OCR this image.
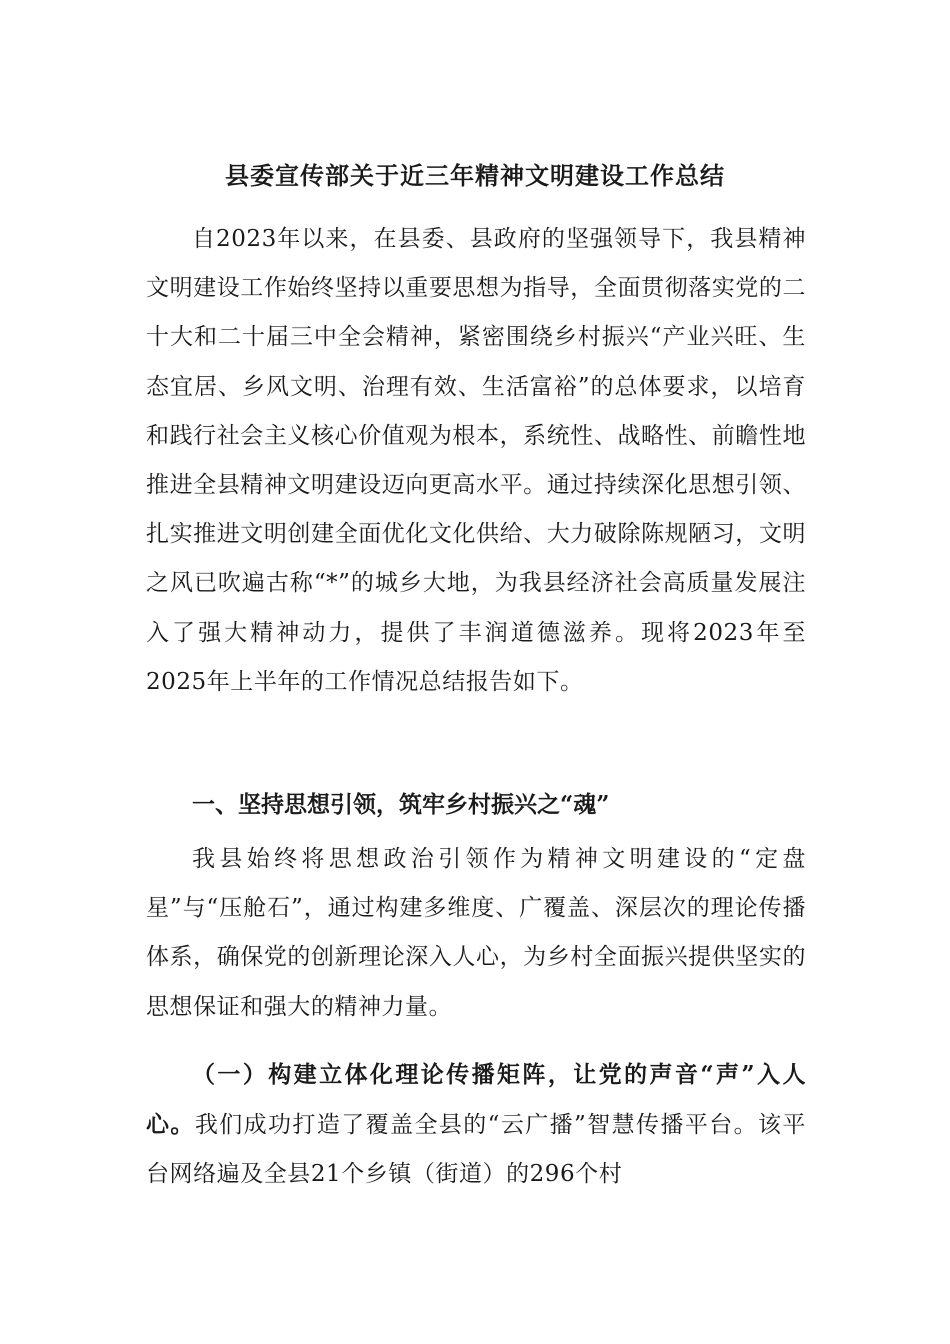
县委宣传部关于近三年精神文明建设工作总结

自2023年以来，在县委、县政府的坚强领导下，我县精神文明建设工作始终坚持以重要思想为指导，全面贯彻落实党的二十大和二十届三中全会精神，紧密围绕乡村振兴“产业兴旺、生态宜居、乡风文明、治理有效、生活富裕”的总体要求，以培育和践行社会主义核心价值观为根本，系统性、战略性、前瞻性地推进全县精神文明建设迈向更高水平。通过持续深化思想引领、扎实推进文明创建全面优化文化供给、大力破除陈规陋习，文明之风已吹遍古称“*”的城乡大地，为我县经济社会高质量发展注入了强大精神动力，提供了丰润道德滋养。现将2023年至2025年上半年的工作情况总结报告如下。

一、坚持思想引领，筑牢乡村振兴之“魂”

我县始终将思想政治引领作为精神文明建设的“定盘星”与“压舱石”，通过构建多维度、广覆盖、深层次的理论传播体系，确保党的创新理论深入人心，为乡村全面振兴提供坚实的思想保证和强大的精神力量。

（一）构建立体化理论传播矩阵，让党的声音“声”入人心。我们成功打造了覆盖全县的“云广播”智慧传播平台。该平台网络遍及全县21个乡镇（街道）的296个村
